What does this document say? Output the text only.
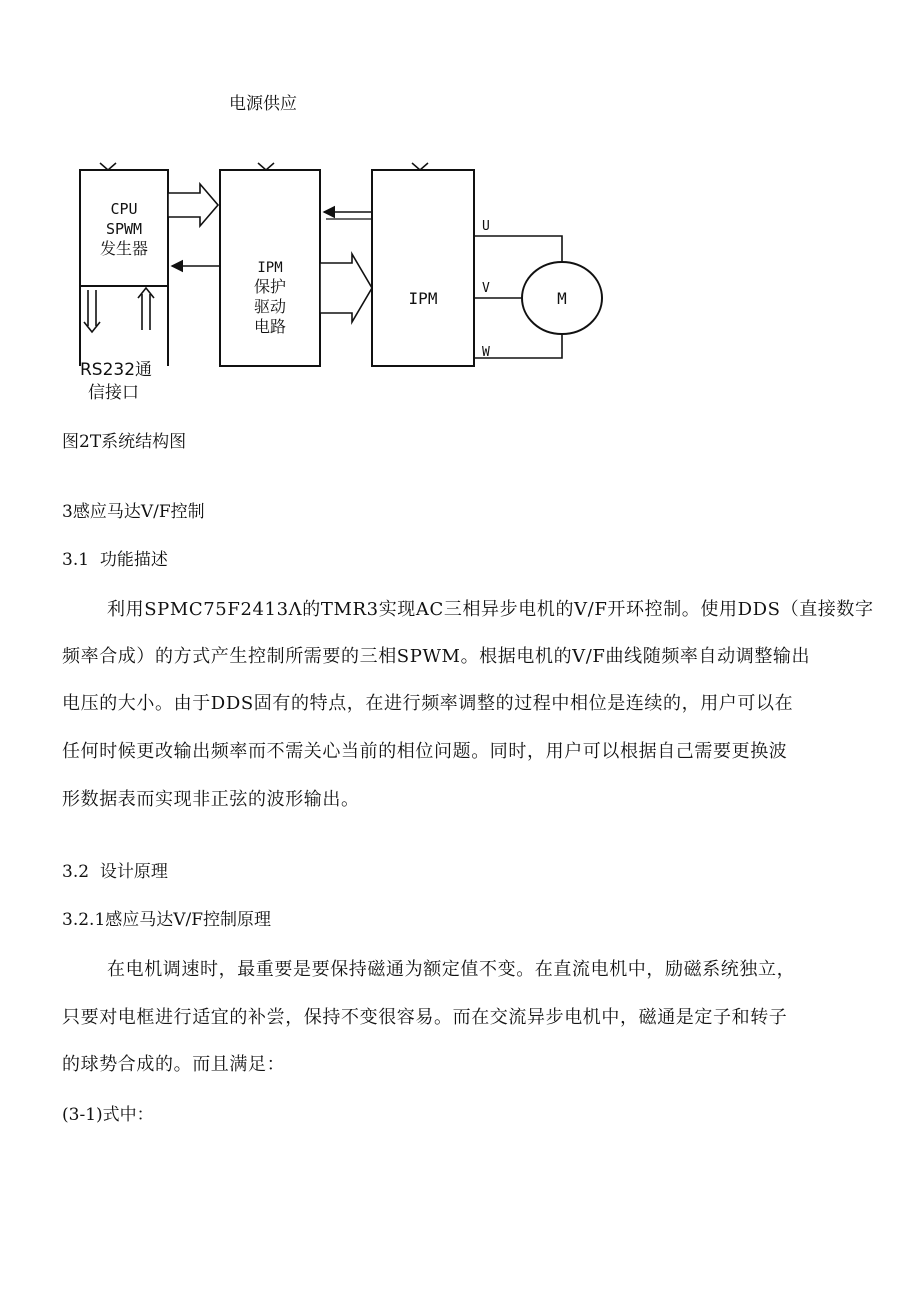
电源供应
CPU
SPWM
发生器
IPM
保护
驱动
电路
IPM
U
V
W
M
RS232通
信接口
图2T系统结构图
3感应马达V/F控制
3.1  功能描述
利用SPMC75F2413Λ的TMR3实现AC三相异步电机的V/F开环控制。使用DDS（直接数字
频率合成）的方式产生控制所需要的三相SPWM。根据电机的V/F曲线随频率自动调整输出
电压的大小。由于DDS固有的特点，在进行频率调整的过程中相位是连续的，用户可以在
任何时候更改输出频率而不需关心当前的相位问题。同时，用户可以根据自己需要更换波
形数据表而实现非正弦的波形输出。
3.2  设计原理
3.2.1感应马达V/F控制原理
在电机调速时，最重要是要保持磁通为额定值不变。在直流电机中，励磁系统独立，
只要对电框进行适宜的补尝，保持不变很容易。而在交流异步电机中，磁通是定子和转子
的球势合成的。而且满足：
(3-1)式中：
